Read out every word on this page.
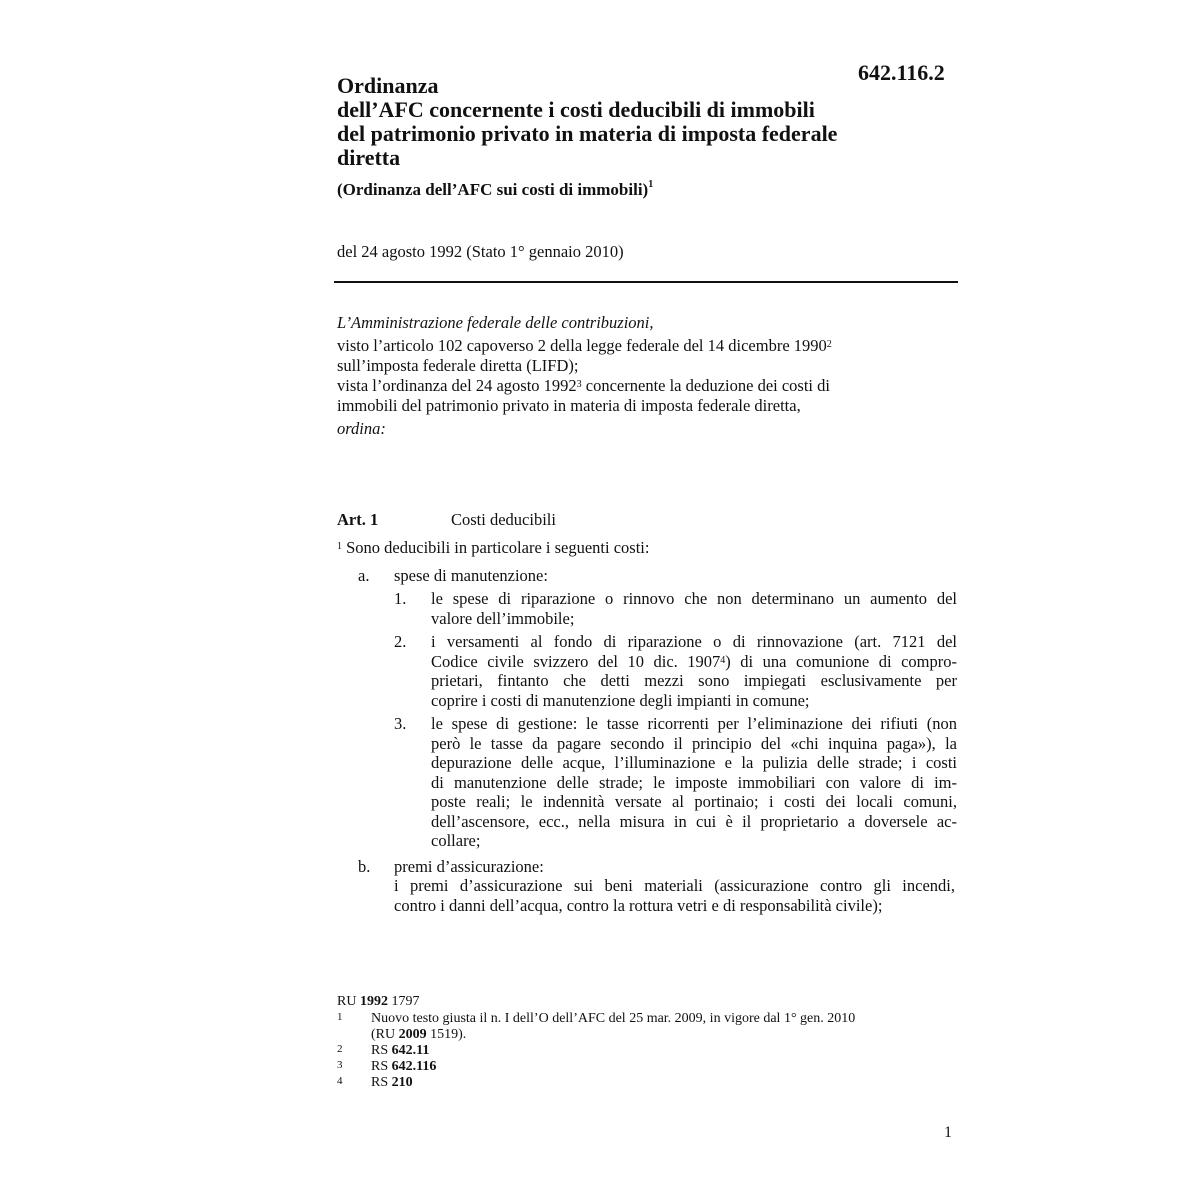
642.116.2
Ordinanza
dell’AFC concernente i costi deducibili di immobili
del patrimonio privato in materia di imposta federale
diretta
(Ordinanza dell’AFC sui costi di immobili)$^1$
del 24 agosto 1992 (Stato 1° gennaio 2010)
L’Amministrazione federale delle contribuzioni,
visto l’articolo 102 capoverso 2 della legge federale del 14 dicembre 1990$^2$
sull’imposta federale diretta (LIFD);
vista l’ordinanza del 24 agosto 1992$^3$ concernente la deduzione dei costi di
immobili del patrimonio privato in materia di imposta federale diretta,
ordina:
Art. 1	Costi deducibili
$^1$ Sono deducibili in particolare i seguenti costi:
a. spese di manutenzione:
1. le spese di riparazione o rinnovo che non determinano un aumento del
valore dell’immobile;
2. i versamenti al fondo di riparazione o di rinnovazione (art. 7121 del
Codice civile svizzero del 10 dic. 1907$^4$) di una comunione di compro-
prietari, fintanto che detti mezzi sono impiegati esclusivamente per
coprire i costi di manutenzione degli impianti in comune;
3. le spese di gestione: le tasse ricorrenti per l’eliminazione dei rifiuti (non
però le tasse da pagare secondo il principio del «chi inquina paga»), la
depurazione delle acque, l’illuminazione e la pulizia delle strade; i costi
di manutenzione delle strade; le imposte immobiliari con valore di im-
poste reali; le indennità versate al portinaio; i costi dei locali comuni,
dell’ascensore, ecc., nella misura in cui è il proprietario a doversele ac-
collare;
b. premi d’assicurazione:
i premi d’assicurazione sui beni materiali (assicurazione contro gli incendi,
contro i danni dell’acqua, contro la rottura vetri e di responsabilità civile);
RU 1992 1797
1 Nuovo testo giusta il n. I dell’O dell’AFC del 25 mar. 2009, in vigore dal 1° gen. 2010
(RU 2009 1519).
2 RS 642.11
3 RS 642.116
4 RS 210
1
